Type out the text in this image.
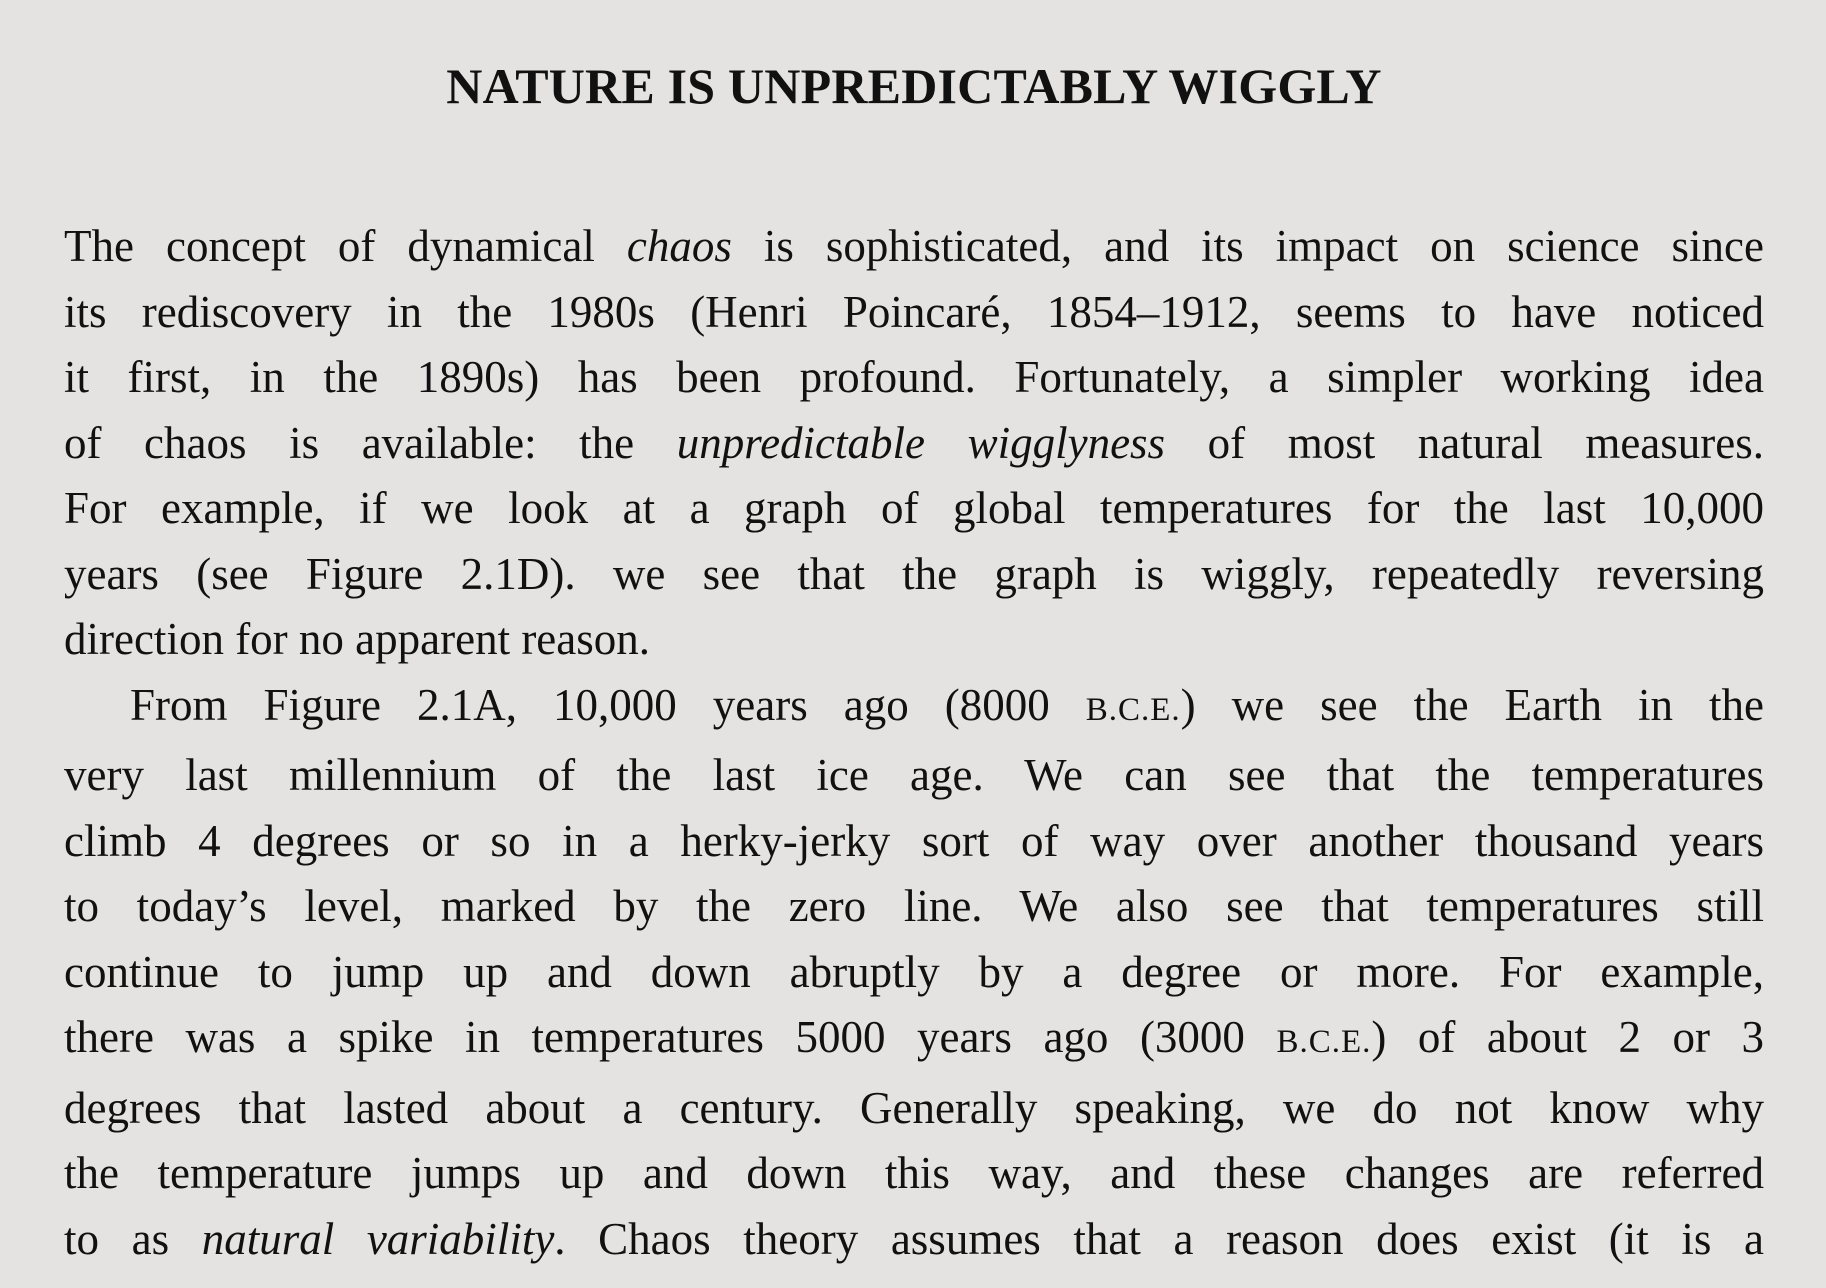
NATURE IS UNPREDICTABLY WIGGLY

The concept of dynamical chaos is sophisticated, and its impact on science since
its rediscovery in the 1980s (Henri Poincaré, 1854–1912, seems to have noticed
it first, in the 1890s) has been profound. Fortunately, a simpler working idea
of chaos is available: the unpredictable wigglyness of most natural measures.
For example, if we look at a graph of global temperatures for the last 10,000
years (see Figure 2.1D). we see that the graph is wiggly, repeatedly reversing
direction for no apparent reason.

From Figure 2.1A, 10,000 years ago (8000 B.C.E.) we see the Earth in the
very last millennium of the last ice age. We can see that the temperatures
climb 4 degrees or so in a herky-jerky sort of way over another thousand years
to today’s level, marked by the zero line. We also see that temperatures still
continue to jump up and down abruptly by a degree or more. For example,
there was a spike in temperatures 5000 years ago (3000 B.C.E.) of about 2 or 3
degrees that lasted about a century. Generally speaking, we do not know why
the temperature jumps up and down this way, and these changes are referred
to as natural variability. Chaos theory assumes that a reason does exist (it is a
